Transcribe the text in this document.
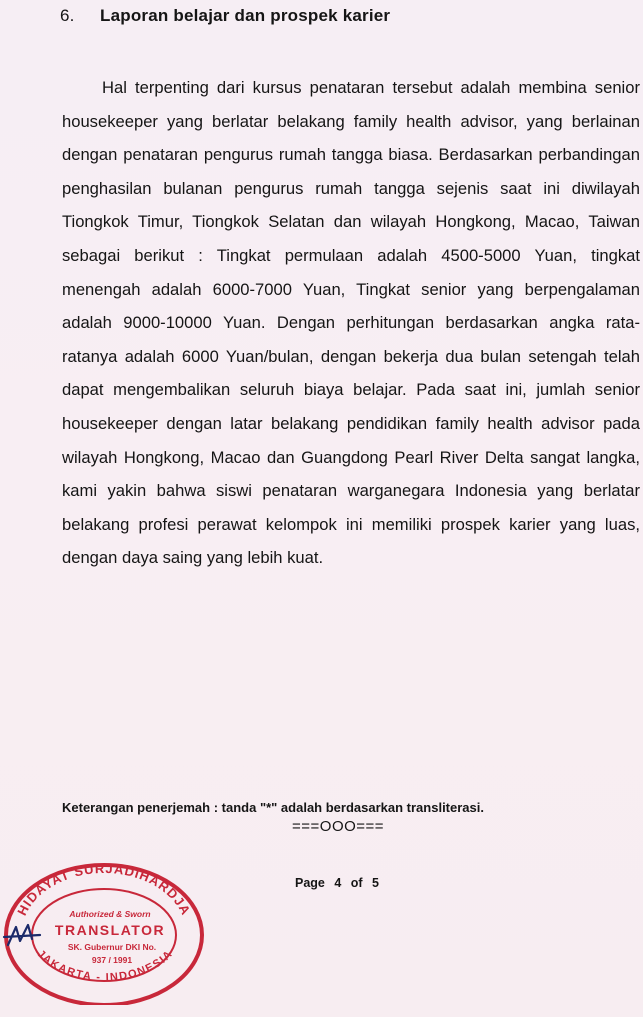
6. Laporan belajar dan prospek karier

Hal terpenting dari kursus penataran tersebut adalah membina senior housekeeper yang berlatar belakang family health advisor, yang berlainan dengan penataran pengurus rumah tangga biasa. Berdasarkan perbandingan penghasilan bulanan pengurus rumah tangga sejenis saat ini diwilayah Tiongkok Timur, Tiongkok Selatan dan wilayah Hongkong, Macao, Taiwan sebagai berikut : Tingkat permulaan adalah 4500-5000 Yuan, tingkat menengah adalah 6000-7000 Yuan, Tingkat senior yang berpengalaman adalah 9000-10000 Yuan. Dengan perhitungan berdasarkan angka rata-ratanya adalah 6000 Yuan/bulan, dengan bekerja dua bulan setengah telah dapat mengembalikan seluruh biaya belajar. Pada saat ini, jumlah senior housekeeper dengan latar belakang pendidikan family health advisor pada wilayah Hongkong, Macao dan Guangdong Pearl River Delta sangat langka, kami yakin bahwa siswi penataran warganegara Indonesia yang berlatar belakang profesi perawat kelompok ini memiliki prospek karier yang luas, dengan daya saing yang lebih kuat.

Keterangan penerjemah : tanda "*" adalah berdasarkan transliterasi.
===OOO===
Page 4 of 5
HIDAYAT SURJADIHARDJA
JAKARTA - INDONESIA
Authorized & Sworn
TRANSLATOR
SK. Gubernur DKI No.
937 / 1991
